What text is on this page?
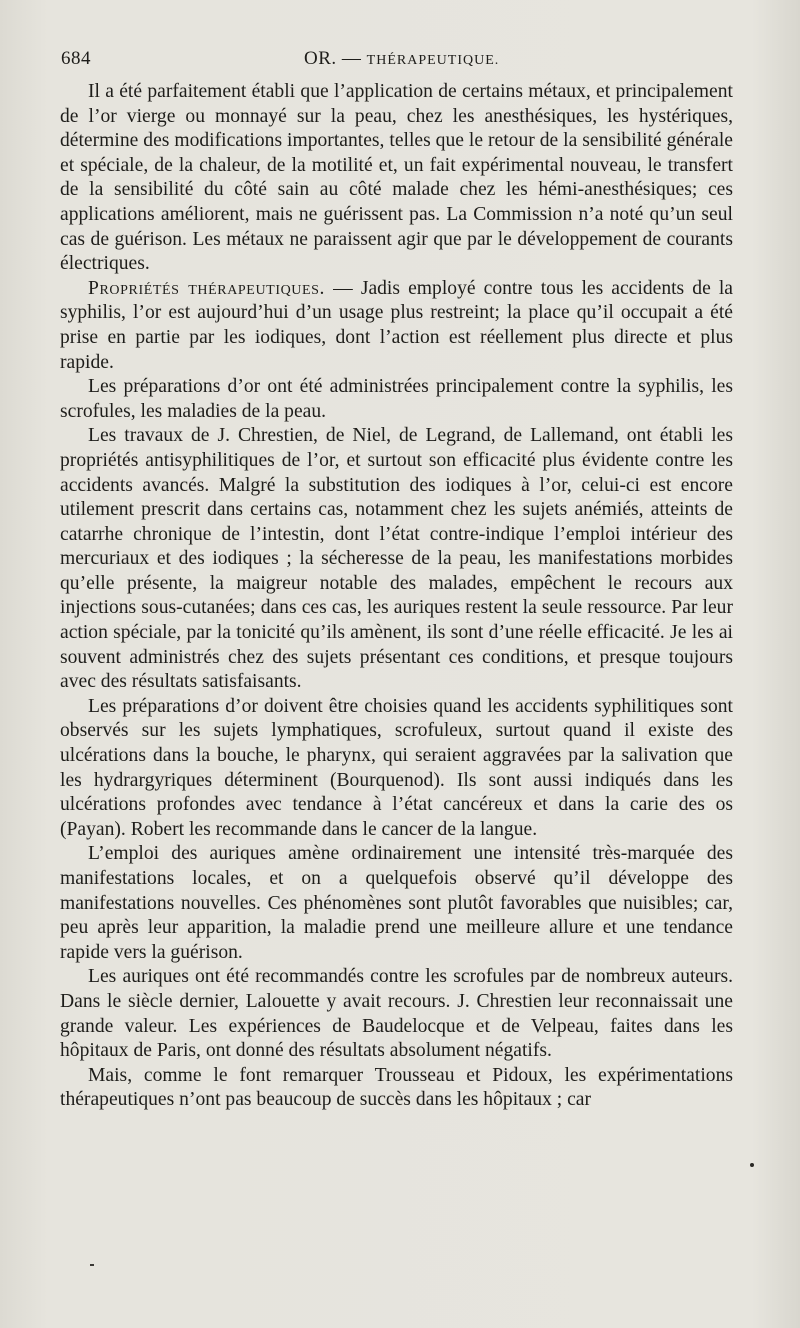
684	OR. — THÉRAPEUTIQUE.

Il a été parfaitement établi que l’application de certains métaux, et principalement de l’or vierge ou monnayé sur la peau, chez les anesthésiques, les hystériques, détermine des modifications importantes, telles que le retour de la sensibilité générale et spéciale, de la chaleur, de la motilité et, un fait expérimental nouveau, le transfert de la sensibilité du côté sain au côté malade chez les hémi-anesthésiques; ces applications améliorent, mais ne guérissent pas. La Commission n’a noté qu’un seul cas de guérison. Les métaux ne paraissent agir que par le développement de courants électriques.

Propriétés thérapeutiques. — Jadis employé contre tous les accidents de la syphilis, l’or est aujourd’hui d’un usage plus restreint; la place qu’il occupait a été prise en partie par les iodiques, dont l’action est réellement plus directe et plus rapide.

Les préparations d’or ont été administrées principalement contre la syphilis, les scrofules, les maladies de la peau.

Les travaux de J. Chrestien, de Niel, de Legrand, de Lallemand, ont établi les propriétés antisyphilitiques de l’or, et surtout son efficacité plus évidente contre les accidents avancés. Malgré la substitution des iodiques à l’or, celui-ci est encore utilement prescrit dans certains cas, notamment chez les sujets anémiés, atteints de catarrhe chronique de l’intestin, dont l’état contre-indique l’emploi intérieur des mercuriaux et des iodiques ; la sécheresse de la peau, les manifestations morbides qu’elle présente, la maigreur notable des malades, empêchent le recours aux injections sous-cutanées; dans ces cas, les auriques restent la seule ressource. Par leur action spéciale, par la tonicité qu’ils amènent, ils sont d’une réelle efficacité. Je les ai souvent administrés chez des sujets présentant ces conditions, et presque toujours avec des résultats satisfaisants.

Les préparations d’or doivent être choisies quand les accidents syphilitiques sont observés sur les sujets lymphatiques, scrofuleux, surtout quand il existe des ulcérations dans la bouche, le pharynx, qui seraient aggravées par la salivation que les hydrargyriques déterminent (Bourquenod). Ils sont aussi indiqués dans les ulcérations profondes avec tendance à l’état cancéreux et dans la carie des os (Payan). Robert les recommande dans le cancer de la langue.

L’emploi des auriques amène ordinairement une intensité très-marquée des manifestations locales, et on a quelquefois observé qu’il développe des manifestations nouvelles. Ces phénomènes sont plutôt favorables que nuisibles; car, peu après leur apparition, la maladie prend une meilleure allure et une tendance rapide vers la guérison.

Les auriques ont été recommandés contre les scrofules par de nombreux auteurs. Dans le siècle dernier, Lalouette y avait recours. J. Chrestien leur reconnaissait une grande valeur. Les expériences de Baudelocque et de Velpeau, faites dans les hôpitaux de Paris, ont donné des résultats absolument négatifs.

Mais, comme le font remarquer Trousseau et Pidoux, les expérimentations thérapeutiques n’ont pas beaucoup de succès dans les hôpitaux ; car
